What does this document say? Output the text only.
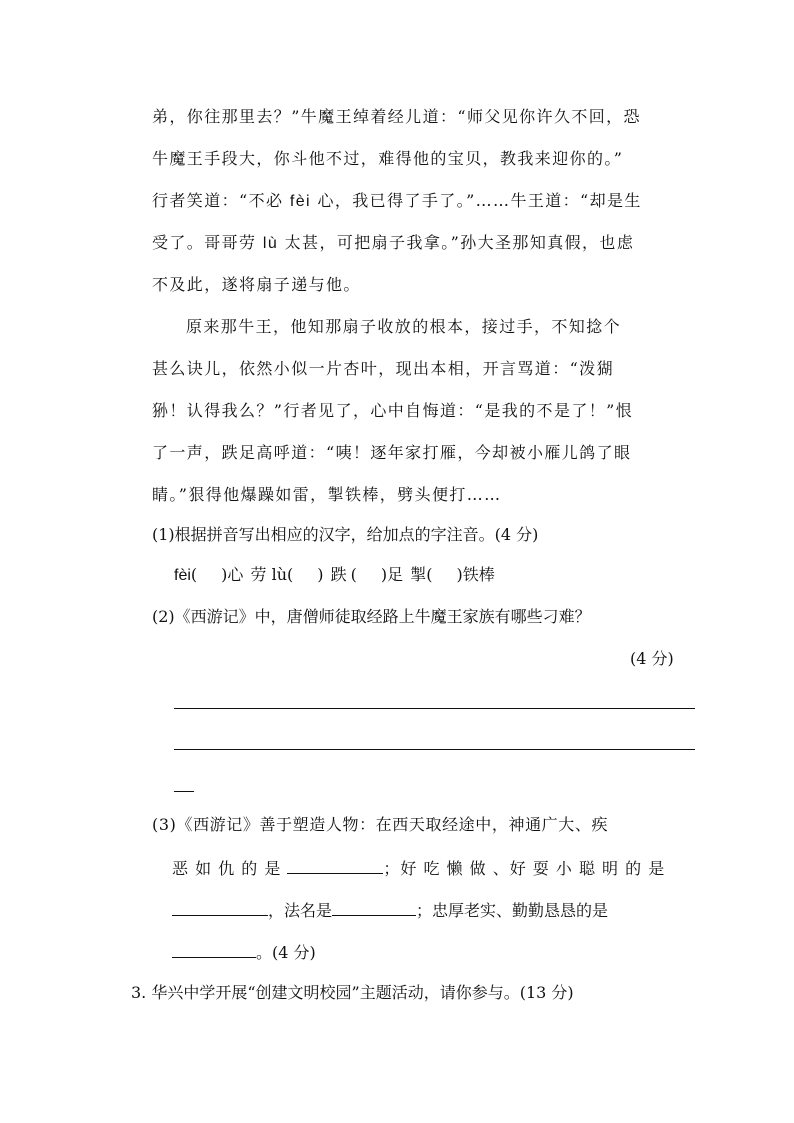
弟，你往那里去？”牛魔王绰着经儿道：“师父见你许久不回，恐
牛魔王手段大，你斗他不过，难得他的宝贝，教我来迎你的。”
行者笑道：“不必 fèi 心，我已得了手了。”……牛王道：“却是生
受了。哥哥劳 lù 太甚，可把扇子我拿。”孙大圣那知真假，也虑
不及此，遂将扇子递与他。
原来那牛王，他知那扇子收放的根本，接过手，不知捻个
甚么诀儿，依然小似一片杏叶，现出本相，开言骂道：“泼猢
狲！认得我么？”行者见了，心中自悔道：“是我的不是了！”恨
了一声，跌足高呼道：“咦！逐年家打雁，今却被小雁儿鸽了眼
睛。”狠得他爆躁如雷，掣铁棒，劈头便打……
(1)根据拼音写出相应的汉字，给加点的字注音。(4 分)
fèi( )心 劳 lù( ) 跌 ( )足 掣( )铁棒
(2)《西游记》中，唐僧师徒取经路上牛魔王家族有哪些刁难？
(4 分)
(3)《西游记》善于塑造人物：在西天取经途中，神通广大、疾
恶 如 仇 的 是	；好 吃 懒 做 、好 耍 小 聪 明 的 是
，法名是	；忠厚老实、勤勤恳恳的是
。(4 分)
3. 华兴中学开展“创建文明校园”主题活动，请你参与。(13 分)
